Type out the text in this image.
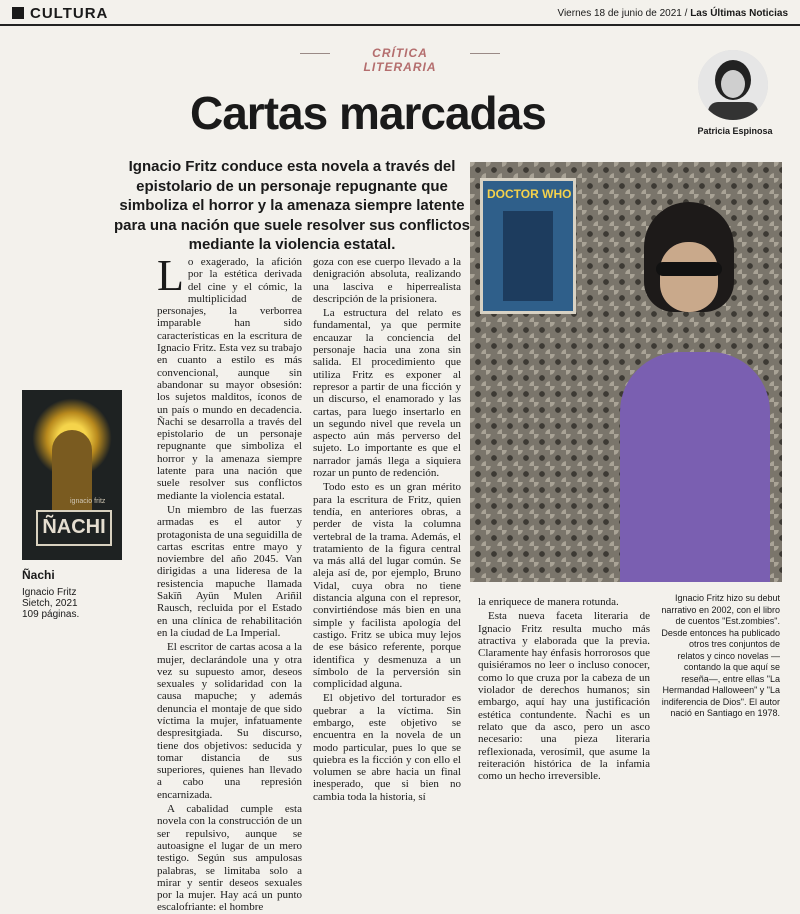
CULTURA	Viernes 18 de junio de 2021 / Las Últimas Noticias
CRÍTICA LITERARIA
Cartas marcadas	Patricia Espinosa
Ignacio Fritz conduce esta novela a través del epistolario de un personaje repugnante que simboliza el horror y la amenaza siempre latente para una nación que suele resolver sus conflictos mediante la violencia estatal.
DOCTOR WHO
ignacio fritz
ÑACHI
Ñachi
Ignacio Fritz
Sietch, 2021
109 páginas.

Lo exagerado, la afición por la estética derivada del cine y el cómic, la multiplicidad de personajes, la verborrea imparable han sido características en la escritura de Ignacio Fritz. Esta vez su trabajo en cuanto a estilo es más convencional, aunque sin abandonar su mayor obsesión: los sujetos malditos, íconos de un país o mundo en decadencia. Ñachi se desarrolla a través del epistolario de un personaje repugnante que simboliza el horror y la amenaza siempre latente para una nación que suele resolver sus conflictos mediante la violencia estatal.

Un miembro de las fuerzas armadas es el autor y protagonista de una seguidilla de cartas escritas entre mayo y noviembre del año 2045. Van dirigidas a una lideresa de la resistencia mapuche llamada Sakïñ Ayün Mulen Ariñil Rausch, recluida por el Estado en una clínica de rehabilitación en la ciudad de La Imperial.

El escritor de cartas acosa a la mujer, declarándole una y otra vez su supuesto amor, deseos sexuales y solidaridad con la causa mapuche; y además denuncia el montaje de que sido víctima la mujer, infatuamente despresitgiada. Su discurso, tiene dos objetivos: seducida y tomar distancia de sus superiores, quienes han llevado a cabo una represión encarnizada.

A cabalidad cumple esta novela con la construcción de un ser repulsivo, aunque se autoasigne el lugar de un mero testigo. Según sus ampulosas palabras, se limitaba solo a mirar y sentir deseos sexuales por la mujer. Hay acá un punto escalofriante: el hombre

goza con ese cuerpo llevado a la denigración absoluta, realizando una lasciva e hiperrealista descripción de la prisionera.

La estructura del relato es fundamental, ya que permite encauzar la conciencia del personaje hacia una zona sin salida. El procedimiento que utiliza Fritz es exponer al represor a partir de una ficción y un discurso, el enamorado y las cartas, para luego insertarlo en un segundo nivel que revela un aspecto aún más perverso del sujeto. Lo importante es que el narrador jamás llega a siquiera rozar un punto de redención.

Todo esto es un gran mérito para la escritura de Fritz, quien tendía, en anteriores obras, a perder de vista la columna vertebral de la trama. Además, el tratamiento de la figura central va más allá del lugar común. Se aleja así de, por ejemplo, Bruno Vidal, cuya obra no tiene distancia alguna con el represor, convirtiéndose más bien en una simple y facilista apología del castigo. Fritz se ubica muy lejos de ese básico referente, porque identifica y desmenuza a un símbolo de la perversión sin complicidad alguna.

El objetivo del torturador es quebrar a la víctima. Sin embargo, este objetivo se encuentra en la novela de un modo particular, pues lo que se quiebra es la ficción y con ello el volumen se abre hacia un final inesperado, que si bien no cambia toda la historia, sí

la enriquece de manera rotunda.

Esta nueva faceta literaria de Ignacio Fritz resulta mucho más atractiva y elaborada que la previa. Claramente hay énfasis horrorosos que quisiéramos no leer o incluso conocer, como lo que cruza por la cabeza de un violador de derechos humanos; sin embargo, aquí hay una justificación estética contundente. Ñachi es un relato que da asco, pero un asco necesario: una pieza literaria reflexionada, verosímil, que asume la reiteración histórica de la infamia como un hecho irreversible.

Ignacio Fritz hizo su debut narrativo en 2002, con el libro de cuentos "Est.zombies". Desde entonces ha publicado otros tres conjuntos de relatos y cinco novelas —contando la que aquí se reseña—, entre ellas "La Hermandad Halloween" y "La indiferencia de Dios". El autor nació en Santiago en 1978.
